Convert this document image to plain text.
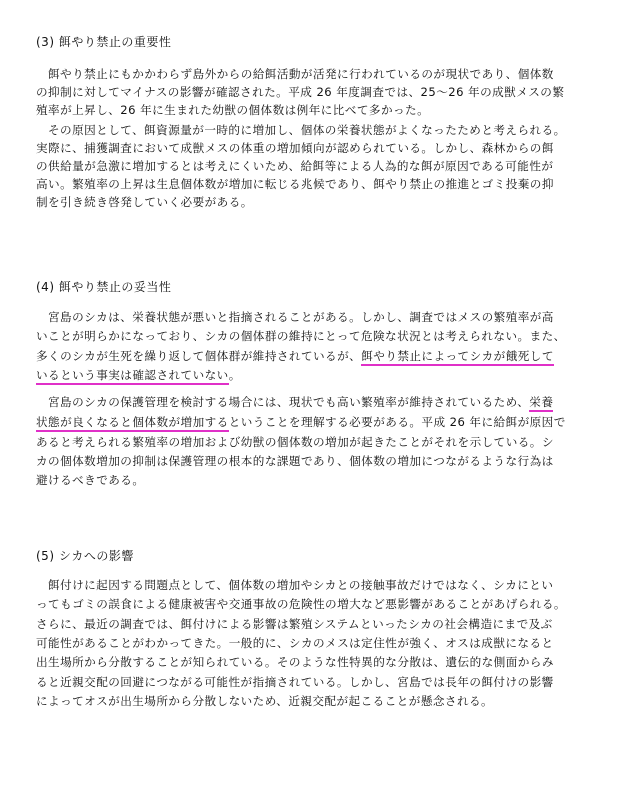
(3) 餌やり禁止の重要性
餌やり禁止にもかかわらず島外からの給餌活動が活発に行われているのが現状であり、個体数
の抑制に対してマイナスの影響が確認された。平成 26 年度調査では、25～26 年の成獣メスの繁
殖率が上昇し、26 年に生まれた幼獣の個体数は例年に比べて多かった。
その原因として、餌資源量が一時的に増加し、個体の栄養状態がよくなったためと考えられる。
実際に、捕獲調査において成獣メスの体重の増加傾向が認められている。しかし、森林からの餌
の供給量が急激に増加するとは考えにくいため、給餌等による人為的な餌が原因である可能性が
高い。繁殖率の上昇は生息個体数が増加に転じる兆候であり、餌やり禁止の推進とゴミ投棄の抑
制を引き続き啓発していく必要がある。
(4) 餌やり禁止の妥当性
宮島のシカは、栄養状態が悪いと指摘されることがある。しかし、調査ではメスの繁殖率が高
いことが明らかになっており、シカの個体群の維持にとって危険な状況とは考えられない。また、
多くのシカが生死を繰り返して個体群が維持されているが、餌やり禁止によってシカが餓死して
いるという事実は確認されていない。
宮島のシカの保護管理を検討する場合には、現状でも高い繁殖率が維持されているため、栄養
状態が良くなると個体数が増加するということを理解する必要がある。平成 26 年に給餌が原因で
あると考えられる繁殖率の増加および幼獣の個体数の増加が起きたことがそれを示している。シ
カの個体数増加の抑制は保護管理の根本的な課題であり、個体数の増加につながるような行為は
避けるべきである。
(5) シカへの影響
餌付けに起因する問題点として、個体数の増加やシカとの接触事故だけではなく、シカにとい
ってもゴミの誤食による健康被害や交通事故の危険性の増大など悪影響があることがあげられる。
さらに、最近の調査では、餌付けによる影響は繁殖システムといったシカの社会構造にまで及ぶ
可能性があることがわかってきた。一般的に、シカのメスは定住性が強く、オスは成獣になると
出生場所から分散することが知られている。そのような性特異的な分散は、遺伝的な側面からみ
ると近親交配の回避につながる可能性が指摘されている。しかし、宮島では長年の餌付けの影響
によってオスが出生場所から分散しないため、近親交配が起こることが懸念される。
